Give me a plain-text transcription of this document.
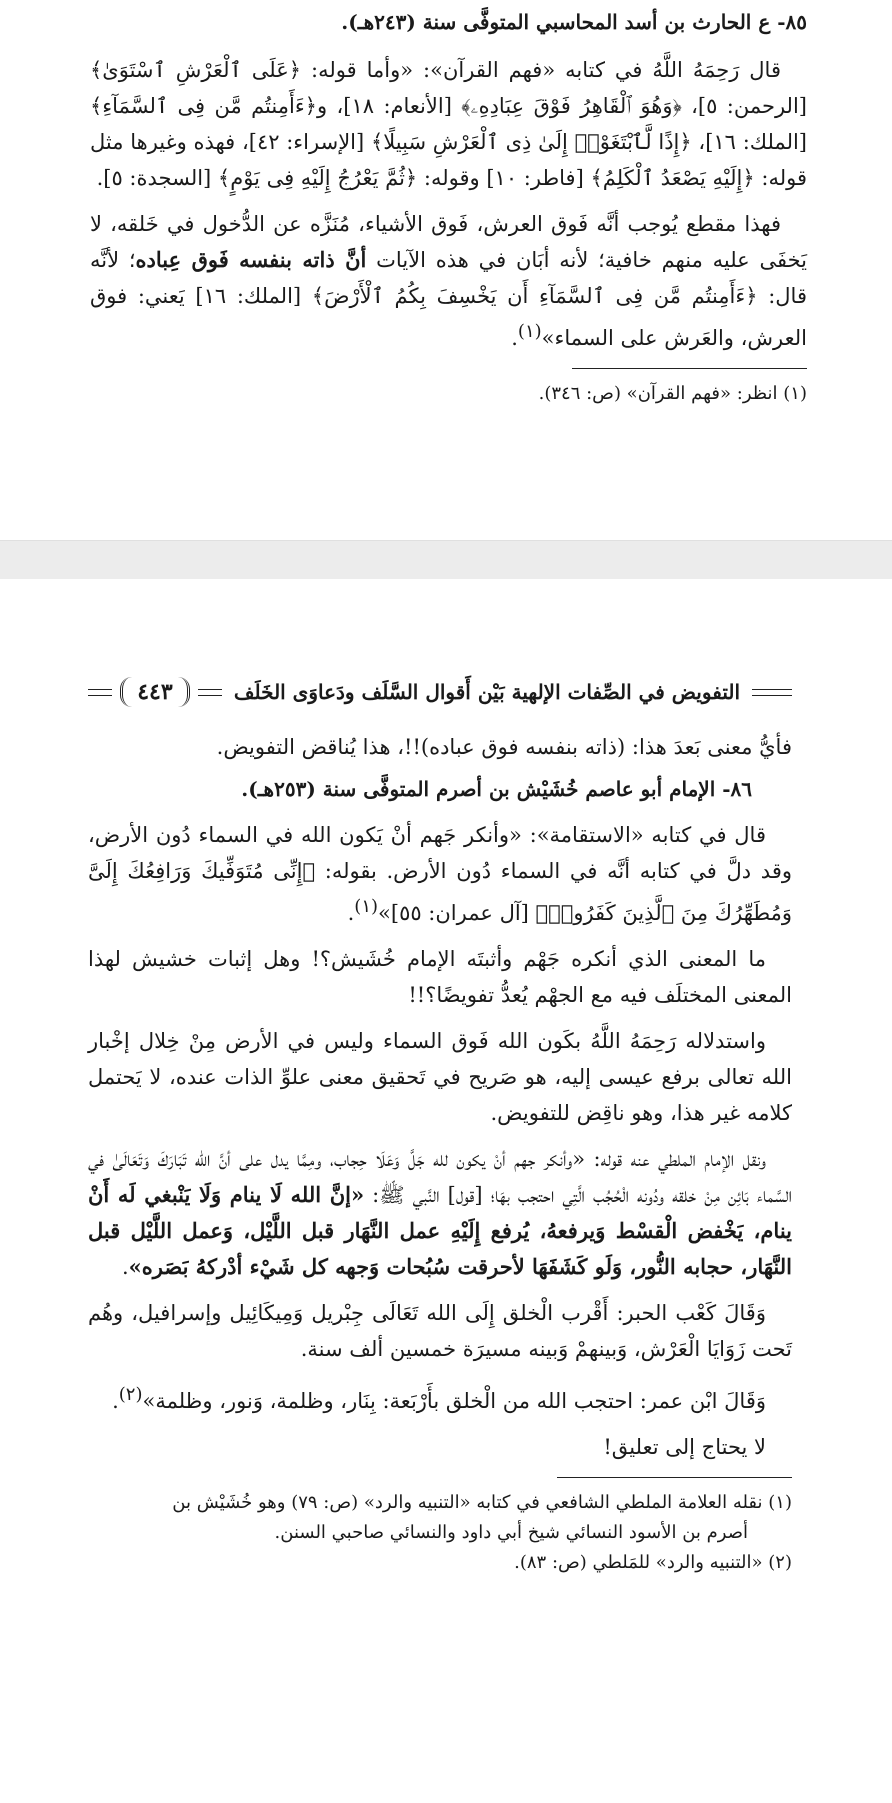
٨٥- ع الحارث بن أسد المحاسبي المتوفَّى سنة (٢٤٣هـ).

قال رَحِمَهُ اللَّهُ في كتابه «فهم القرآن»: «وأما قوله: ﴿عَلَى ٱلْعَرْشِ ٱسْتَوَىٰ﴾ [الرحمن: ٥]، ﴿وَهُوَ ٱلْقَاهِرُ فَوْقَ عِبَادِهِۦ﴾ [الأنعام: ١٨]، و﴿ءَأَمِنتُم مَّن فِى ٱلسَّمَآءِ﴾ [الملك: ١٦]، ﴿إِذًا لَّٱبْتَغَوْا۟ إِلَىٰ ذِى ٱلْعَرْشِ سَبِيلًا﴾ [الإسراء: ٤٢]، فهذه وغيرها مثل قوله: ﴿إِلَيْهِ يَصْعَدُ ٱلْكَلِمُ﴾ [فاطر: ١٠] وقوله: ﴿ثُمَّ يَعْرُجُ إِلَيْهِ فِى يَوْمٍ﴾ [السجدة: ٥].

فهذا مقطع يُوجب أنَّه فَوق العرش، فَوق الأشياء، مُنَزَّه عن الدُّخول في خَلقه، لا يَخفَى عليه منهم خافية؛ لأنه أبَان في هذه الآيات أنَّ ذاته بنفسه فَوق عِباده؛ لأنَّه قال: ﴿ءَأَمِنتُم مَّن فِى ٱلسَّمَآءِ أَن يَخْسِفَ بِكُمُ ٱلْأَرْضَ﴾ [الملك: ١٦] يَعني: فوق العرش، والعَرش على السماء»$^{(١)}$.

(١) انظر: «فهم القرآن» (ص: ٣٤٦).

التفويض في الصِّفات الإلهية بَيْن أَقوال السَّلَف ودَعاوَى الخَلَف
٤٤٣

فأيُّ معنى بَعدَ هذا: (ذاته بنفسه فوق عباده)!!، هذا يُناقض التفويض.

٨٦- الإمام أبو عاصم خُشَيْش بن أصرم المتوفَّى سنة (٢٥٣هـ).

قال في كتابه «الاستقامة»: «وأنكر جَهم أنْ يَكون الله في السماء دُون الأرض، وقد دلَّ في كتابه أنَّه في السماء دُون الأرض. بقوله: ﴿إِنِّى مُتَوَفِّيكَ وَرَافِعُكَ إِلَىَّ وَمُطَهِّرُكَ مِنَ ٱلَّذِينَ كَفَرُوا۟﴾ [آل عمران: ٥٥]»$^{(١)}$.

ما المعنى الذي أنكره جَهْم وأثبتَه الإمام خُشَيش؟! وهل إثبات خشيش لهذا المعنى المختلَف فيه مع الجهْم يُعدُّ تفويضًا؟!!

واستدلاله رَحِمَهُ اللَّهُ بكَون الله فَوق السماء وليس في الأرض مِنْ خِلال إخْبار الله تعالى برفع عيسى إليه، هو صَريح في تَحقيق معنى علوِّ الذات عنده، لا يَحتمل كلامه غير هذا، وهو ناقِض للتفويض.

ونقل الإمام الملطي عنه قوله: «وأنكر جهم أنْ يكون لله جَلَّ وَعَلَا حِجاب، ومِمَّا يدل على أنَّ الله تَبَارَكَ وَتَعَالَىٰ في السَّماء بَائِن مِنْ خلقه ودُونه الْحُجُب الَّتِي احتجب بهَا؛ [قول] النَّبي ﷺ: «إنَّ الله لَا ينام وَلَا يَنْبغي لَه أَنْ ينام، يَخْفض الْقسْط وَيرفعهُ، يُرفع إِلَيْهِ عمل النَّهَار قبل اللَّيْل، وَعمل اللَّيْل قبل النَّهَار، حجابه النُّور، وَلَو كَشَفَهَا لأحرقت سُبُحات وَجهه كل شَيْء أدْركهُ بَصَره».

وَقَالَ كَعْب الحبر: أَقْرب الْخلق إِلَى الله تَعَالَى جِبْريل وَمِيكَائِيل وإسرافيل، وهُم تَحت زَوَايَا الْعَرْش، وَبينهمْ وَبينه مسيرَة خمسين ألف سنة.

وَقَالَ ابْن عمر: احتجب الله من الْخلق بأَرْبَعة: بِنَار، وظلمة، وَنور، وظلمة»$^{(٢)}$.

لا يحتاج إلى تعليق!

(١) نقله العلامة الملطي الشافعي في كتابه «التنبيه والرد» (ص: ٧٩) وهو خُشَيْش بن

أصرم بن الأسود النسائي شيخ أبي داود والنسائي صاحبي السنن.

(٢) «التنبيه والرد» للمَلطي (ص: ٨٣).
